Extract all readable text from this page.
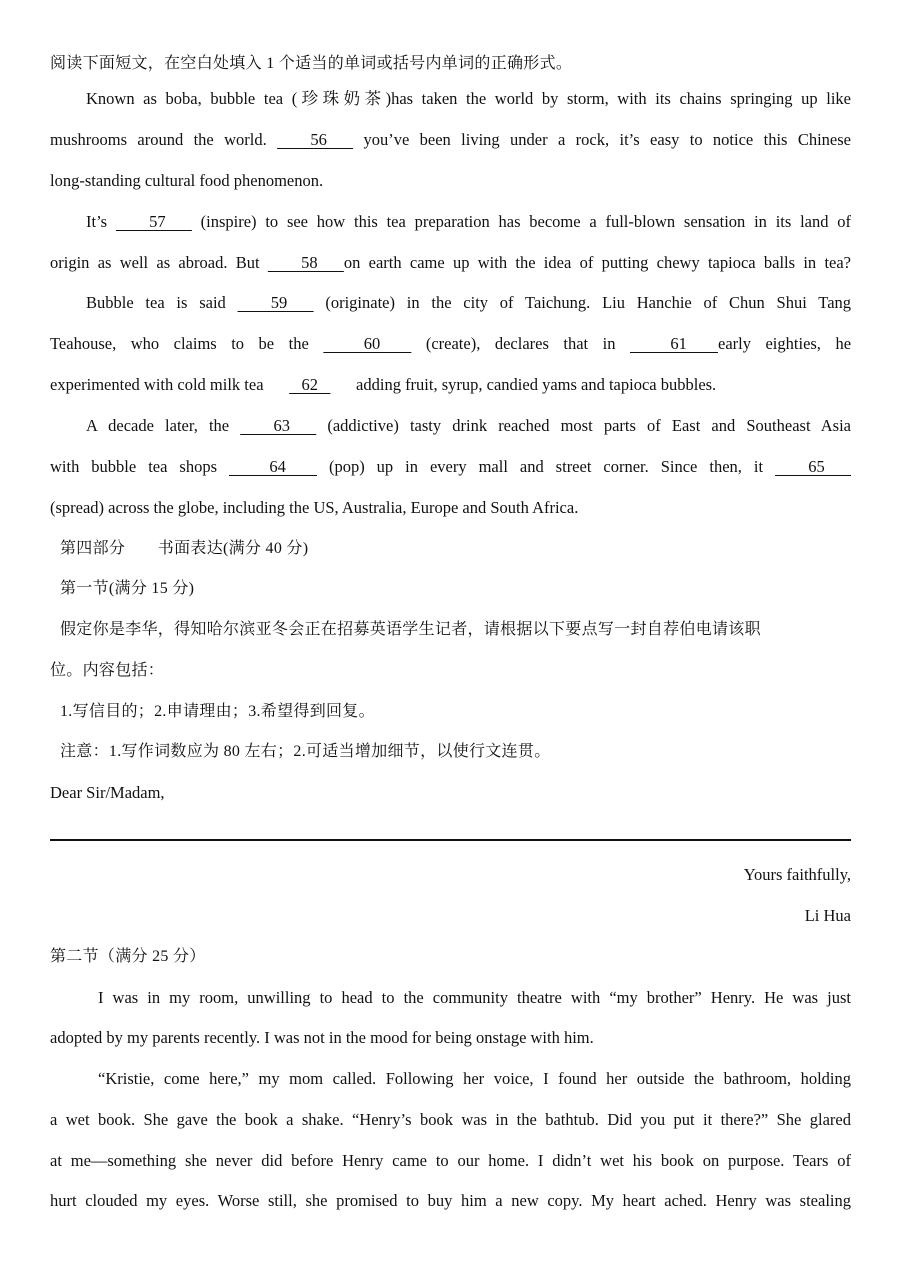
阅读下面短文，在空白处填入 1 个适当的单词或括号内单词的正确形式。
Known as boba, bubble tea (珍珠奶茶)has taken the world by storm, with its chains springing up like
mushrooms around the world.    56    you’ve been living under a rock, it’s easy to notice this Chinese
long-standing cultural food phenomenon.
It’s    57    (inspire) to see how this tea preparation has become a full-blown sensation in its land of
origin as well as abroad. But    58   on earth came up with the idea of putting chewy tapioca balls in tea?
Bubble tea is said    59    (originate) in the city of Taichung. Liu Hanchie of Chun Shui Tang
Teahouse, who claims to be the    60    (create), declares that in    61   early eighties, he
experimented with cold milk tea     62     adding fruit, syrup, candied yams and tapioca bubbles.
A decade later, the    63    (addictive) tasty drink reached most parts of East and Southeast Asia
with bubble tea shops    64    (pop) up in every mall and street corner. Since then, it    65
(spread) across the globe, including the US, Australia, Europe and South Africa.
第四部分　　书面表达(满分 40 分)
第一节(满分 15 分)
假定你是李华，得知哈尔滨亚冬会正在招募英语学生记者，请根据以下要点写一封自荐伯电请该职
位。内容包括：
1.写信目的；2.申请理由；3.希望得到回复。
注意：1.写作词数应为 80 左右；2.可适当增加细节，以使行文连贯。
Dear Sir/Madam,
Yours faithfully,
Li Hua
第二节（满分 25 分）
I was in my room, unwilling to head to the community theatre with “my brother” Henry. He was just
adopted by my parents recently. I was not in the mood for being onstage with him.
“Kristie, come here,” my mom called. Following her voice, I found her outside the bathroom, holding
a wet book. She gave the book a shake. “Henry’s book was in the bathtub. Did you put it there?” She glared
at me—something she never did before Henry came to our home. I didn’t wet his book on purpose. Tears of
hurt clouded my eyes. Worse still, she promised to buy him a new copy. My heart ached. Henry was stealing
